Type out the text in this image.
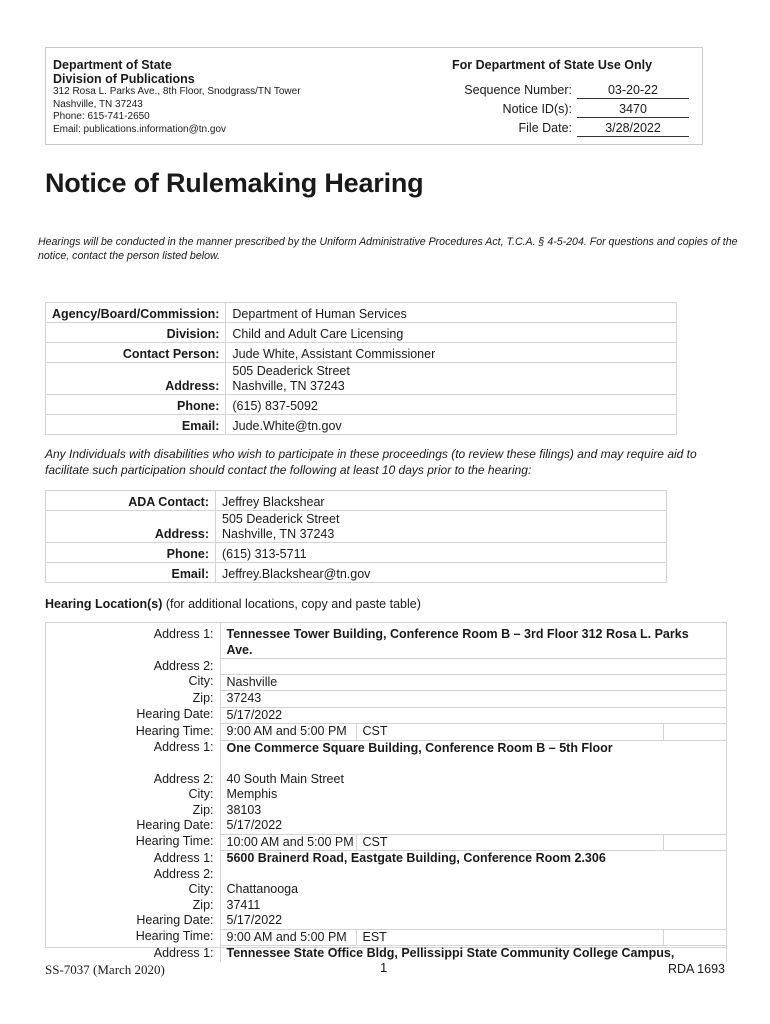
Department of State
Division of Publications
312 Rosa L. Parks Ave., 8th Floor, Snodgrass/TN Tower
Nashville, TN 37243
Phone: 615-741-2650
Email: publications.information@tn.gov
For Department of State Use Only
Sequence Number:	03-20-22
Notice ID(s):	3470
File Date:	3/28/2022
Notice of Rulemaking Hearing
Hearings will be conducted in the manner prescribed by the Uniform Administrative Procedures Act, T.C.A. § 4-5-204. For questions and copies of the notice, contact the person listed below.
Agency/Board/Commission:	Department of Human Services
Division:	Child and Adult Care Licensing
Contact Person:	Jude White, Assistant Commissioner
Address:	505 Deaderick Street
Nashville, TN 37243

Phone:	(615) 837-5092
Email:	Jude.White@tn.gov
Any Individuals with disabilities who wish to participate in these proceedings (to review these filings) and may require aid to facilitate such participation should contact the following at least 10 days prior to the hearing:
ADA Contact:	Jeffrey Blackshear
Address:	505 Deaderick Street
Nashville, TN 37243

Phone:	(615) 313-5711
Email:	Jeffrey.Blackshear@tn.gov
Hearing Location(s) (for additional locations, copy and paste table)
Address 1:	Tennessee Tower Building, Conference Room B – 3rd Floor 312 Rosa L. Parks Ave.
Address 2:	
City:	Nashville
Zip:	37243
Hearing Date:	5/17/2022
Hearing Time:	9:00 AM and 5:00 PM CST

Address 1:	One Commerce Square Building, Conference Room B – 5th Floor
Address 2:	40 South Main Street
City:	Memphis
Zip:	38103
Hearing Date:	5/17/2022
Hearing Time:	10:00 AM and 5:00 PM CST

Address 1:	5600 Brainerd Road, Eastgate Building, Conference Room 2.306
Address 2:	
City:	Chattanooga
Zip:	37411
Hearing Date:	5/17/2022
Hearing Time:	9:00 AM and 5:00 PM EST

Address 1:	Tennessee State Office Bldg, Pellissippi State Community College Campus,
SS-7037 (March 2020)	1	RDA 1693
